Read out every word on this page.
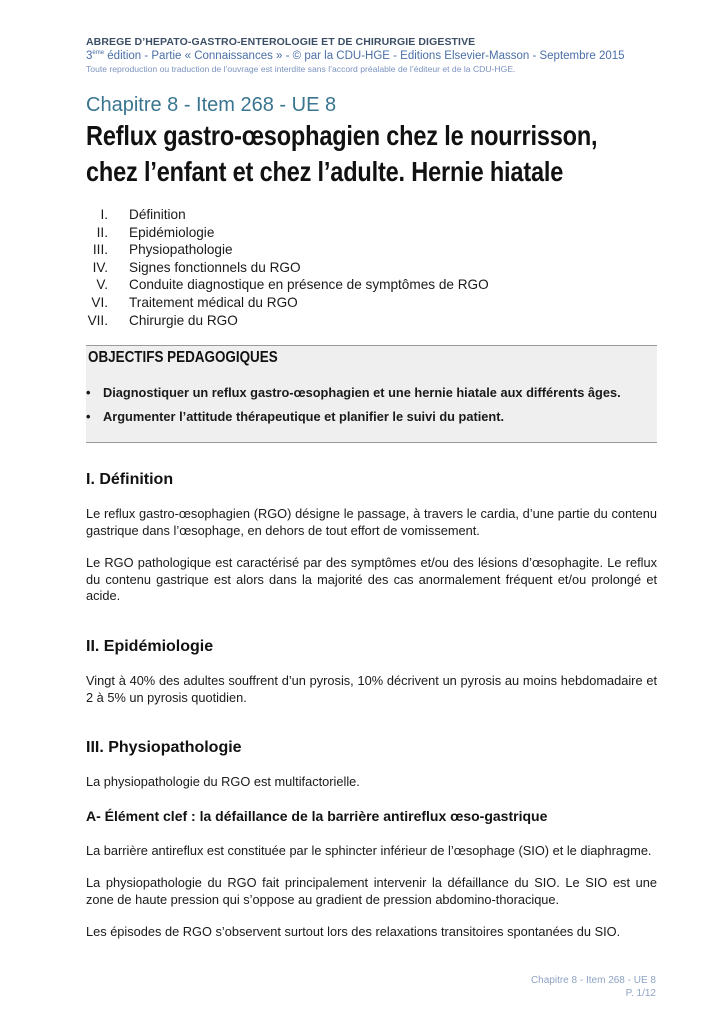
ABREGE D’HEPATO-GASTRO-ENTEROLOGIE ET DE CHIRURGIE DIGESTIVE
3ème édition - Partie « Connaissances » - © par la CDU-HGE - Editions Elsevier-Masson - Septembre 2015
Toute reproduction ou traduction de l’ouvrage est interdite sans l’accord préalable de l’éditeur et de la CDU-HGE.
Chapitre 8 - Item 268 - UE 8
Reflux gastro-œsophagien chez le nourrisson,
chez l’enfant et chez l’adulte. Hernie hiatale
I.	Définition
II.	Epidémiologie
III.	Physiopathologie
IV.	Signes fonctionnels du RGO
V.	Conduite diagnostique en présence de symptômes de RGO
VI.	Traitement médical du RGO
VII.	Chirurgie du RGO
OBJECTIFS PEDAGOGIQUES
• Diagnostiquer un reflux gastro-œsophagien et une hernie hiatale aux différents âges.
• Argumenter l’attitude thérapeutique et planifier le suivi du patient.
I. Définition
Le reflux gastro-œsophagien (RGO) désigne le passage, à travers le cardia, d’une partie du contenu gastrique dans l’œsophage, en dehors de tout effort de vomissement.
Le RGO pathologique est caractérisé par des symptômes et/ou des lésions d’œsophagite. Le reflux du contenu gastrique est alors dans la majorité des cas anormalement fréquent et/ou prolongé et acide.
II. Epidémiologie
Vingt à 40% des adultes souffrent d’un pyrosis, 10% décrivent un pyrosis au moins hebdomadaire et 2 à 5% un pyrosis quotidien.
III. Physiopathologie
La physiopathologie du RGO est multifactorielle.
A- Élément clef : la défaillance de la barrière antireflux œso-gastrique
La barrière antireflux est constituée par le sphincter inférieur de l’œsophage (SIO) et le diaphragme.
La physiopathologie du RGO fait principalement intervenir la défaillance du SIO. Le SIO est une zone de haute pression qui s’oppose au gradient de pression abdomino-thoracique.
Les épisodes de RGO s’observent surtout lors des relaxations transitoires spontanées du SIO.
Chapitre 8 - Item 268 - UE 8
P. 1/12
